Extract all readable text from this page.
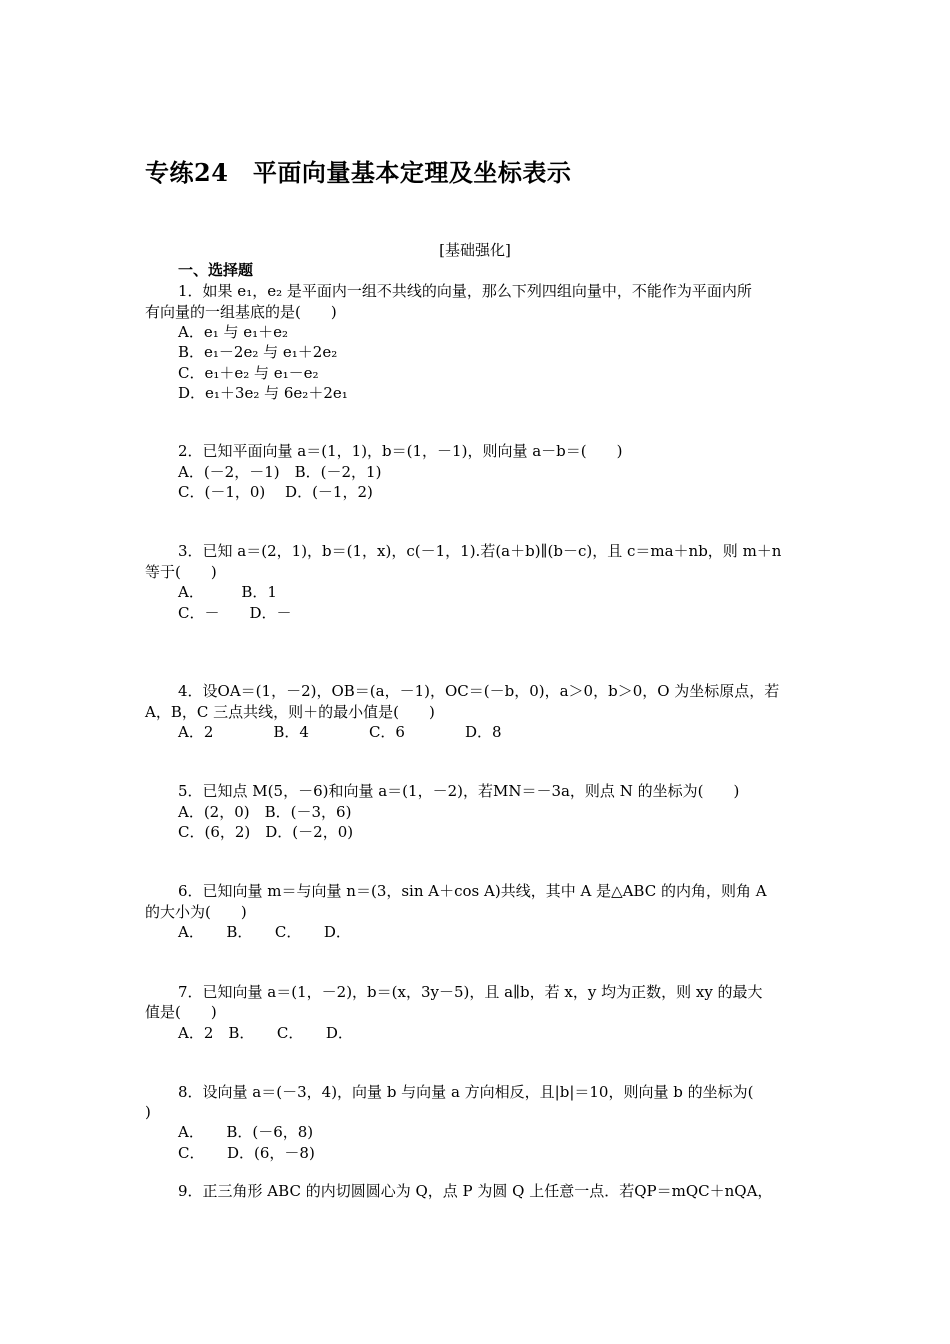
专练24　平面向量基本定理及坐标表示
[基础强化]
一、选择题
1．如果 e₁，e₂ 是平面内一组不共线的向量，那么下列四组向量中，不能作为平面内所
有向量的一组基底的是(　　)
A．e₁ 与 e₁＋e₂
B．e₁－2e₂ 与 e₁＋2e₂
C．e₁＋e₂ 与 e₁－e₂
D．e₁＋3e₂ 与 6e₂＋2e₁
2．已知平面向量 a＝(1，1)，b＝(1，－1)，则向量 a－b＝(　　)
A．(－2，－1)　B．(－2，1)
C．(－1，0)　 D．(－1，2)
3．已知 a＝(2，1)，b＝(1，x)，c(－1，1).若(a＋b)∥(b－c)，且 c＝ma＋nb，则 m＋n
等于(　　)
A．　　　B．1
C．－　　D．－
4．设OA＝(1，－2)，OB＝(a，－1)，OC＝(－b，0)，a＞0，b＞0，O 为坐标原点，若
A，B，C 三点共线，则＋的最小值是(　　)
A．2　　　　B．4　　　　C．6　　　　D．8
5．已知点 M(5，－6)和向量 a＝(1，－2)，若MN＝－3a，则点 N 的坐标为(　　)
A．(2，0)　B．(－3，6)
C．(6，2)　D．(－2，0)
6．已知向量 m＝与向量 n＝(3，sin A＋cos A)共线，其中 A 是△ABC 的内角，则角 A
的大小为(　　)
A．　　B．　　C．　　D．
7．已知向量 a＝(1，－2)，b＝(x，3y－5)，且 a∥b，若 x，y 均为正数，则 xy 的最大
值是(　　)
A．2　B．　　C．　　D．
8．设向量 a＝(－3，4)，向量 b 与向量 a 方向相反，且|b|＝10，则向量 b 的坐标为(
)
A．　　B．(－6，8)
C．　　D．(6，－8)
9．正三角形 ABC 的内切圆圆心为 Q，点 P 为圆 Q 上任意一点．若QP＝mQC＋nQA，
